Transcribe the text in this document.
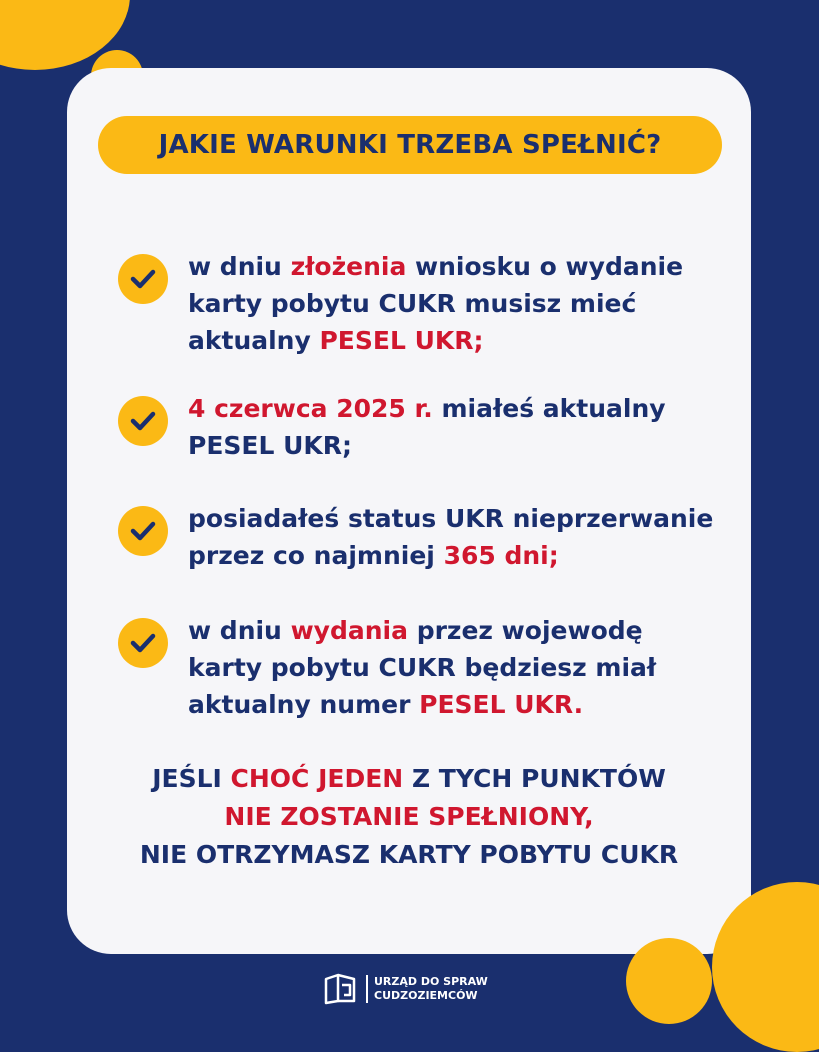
JAKIE WARUNKI TRZEBA SPEŁNIĆ?
w dniu złożenia wniosku o wydanie
karty pobytu CUKR musisz mieć
aktualny PESEL UKR;
4 czerwca 2025 r. miałeś aktualny
PESEL UKR;
posiadałeś status UKR nieprzerwanie
przez co najmniej 365 dni;
w dniu wydania przez wojewodę
karty pobytu CUKR będziesz miał
aktualny numer PESEL UKR.
JEŚLI CHOĆ JEDEN Z TYCH PUNKTÓW
NIE ZOSTANIE SPEŁNIONY,
NIE OTRZYMASZ KARTY POBYTU CUKR
URZĄD DO SPRAW
CUDZOZIEMCÓW
